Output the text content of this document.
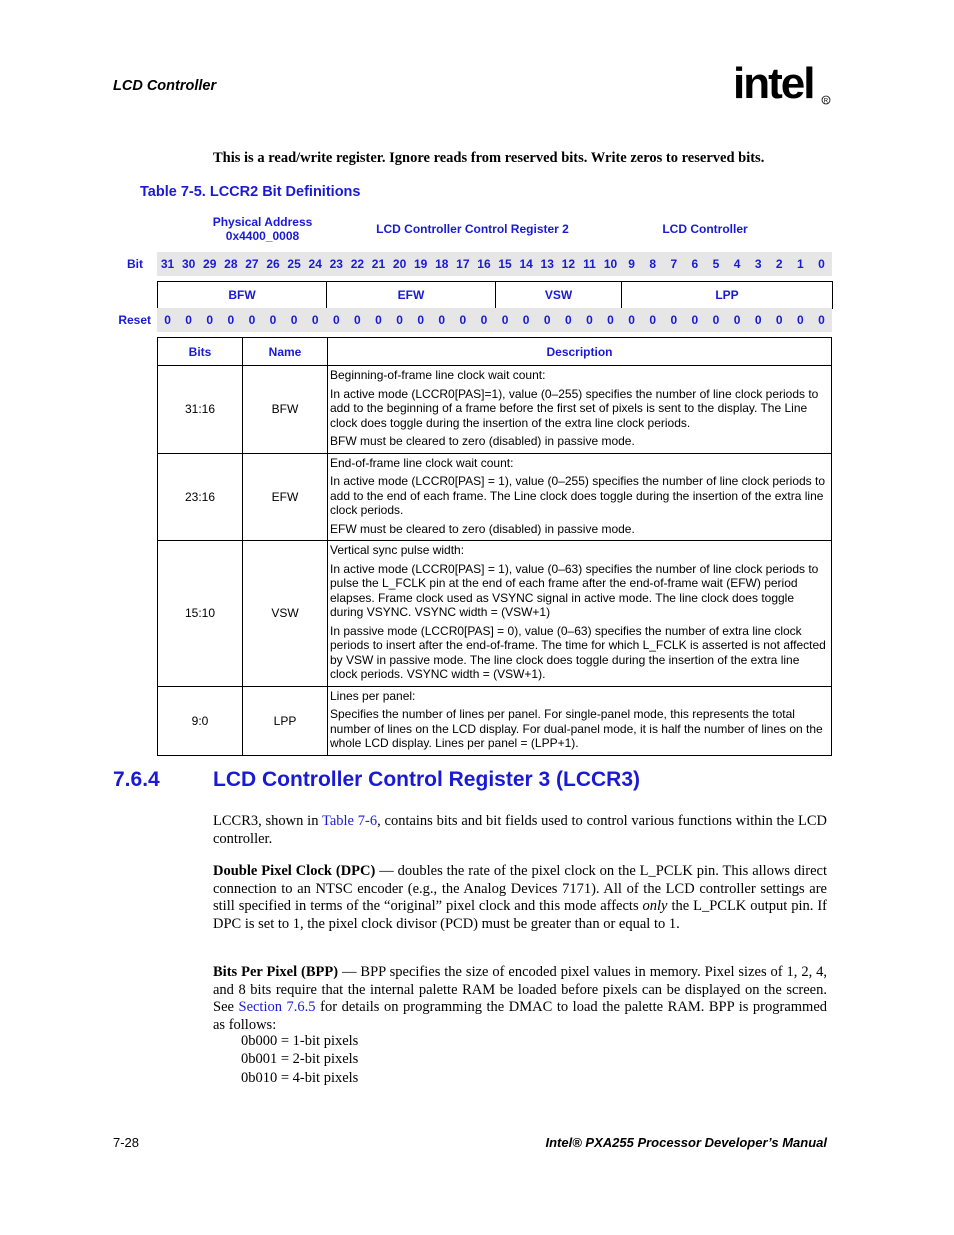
LCD Controller	intel R
This is a read/write register. Ignore reads from reserved bits. Write zeros to reserved bits.
Table 7-5. LCCR2 Bit Definitions
Physical Address
0x4400_0008	LCD Controller Control Register 2	LCD Controller
Bit	31 30 29 28 27 26 25 24 23 22 21 20 19 18 17 16 15 14 13 12 11 10 9	8	7	6	5	4	3	2	1	0
BFW	EFW	VSW	LPP
Reset	0	0	0	0	0	0	0	0	0	0	0	0	0	0	0	0	0	0	0	0	0	0	0	0	0	0	0	0	0	0	0	0
Bits	Name	Description
31:16	BFW	Beginning-of-frame line clock wait count:

In active mode (LCCR0[PAS]=1), value (0–255) specifies the number of line clock periods to add to the beginning of a frame before the first set of pixels is sent to the display. The Line clock does toggle during the insertion of the extra line clock periods.

BFW must be cleared to zero (disabled) in passive mode.

23:16	EFW	End-of-frame line clock wait count:

In active mode (LCCR0[PAS] = 1), value (0–255) specifies the number of line clock periods to add to the end of each frame. The Line clock does toggle during the insertion of the extra line clock periods.

EFW must be cleared to zero (disabled) in passive mode.

15:10	VSW	Vertical sync pulse width:

In active mode (LCCR0[PAS] = 1), value (0–63) specifies the number of line clock periods to pulse the L_FCLK pin at the end of each frame after the end-of-frame wait (EFW) period elapses. Frame clock used as VSYNC signal in active mode. The line clock does toggle during VSYNC. VSYNC width = (VSW+1)

In passive mode (LCCR0[PAS] = 0), value (0–63) specifies the number of extra line clock periods to insert after the end-of-frame. The time for which L_FCLK is asserted is not affected by VSW in passive mode. The line clock does toggle during the insertion of the extra line clock periods. VSYNC width = (VSW+1).

9:0	LPP	Lines per panel:

Specifies the number of lines per panel. For single-panel mode, this represents the total number of lines on the LCD display. For dual-panel mode, it is half the number of lines on the whole LCD display. Lines per panel = (LPP+1).

7.6.4	LCD Controller Control Register 3 (LCCR3)
LCCR3, shown in Table 7-6, contains bits and bit fields used to control various functions within the LCD controller.
Double Pixel Clock (DPC) — doubles the rate of the pixel clock on the L_PCLK pin. This allows direct connection to an NTSC encoder (e.g., the Analog Devices 7171). All of the LCD controller settings are still specified in terms of the “original” pixel clock and this mode affects only the L_PCLK output pin. If DPC is set to 1, the pixel clock divisor (PCD) must be greater than or equal to 1.
Bits Per Pixel (BPP) — BPP specifies the size of encoded pixel values in memory. Pixel sizes of 1, 2, 4, and 8 bits require that the internal palette RAM be loaded before pixels can be displayed on the screen. See Section 7.6.5 for details on programming the DMAC to load the palette RAM. BPP is programmed as follows:
0b000 = 1-bit pixels
0b001 = 2-bit pixels
0b010 = 4-bit pixels
7-28	Intel® PXA255 Processor Developer’s Manual
